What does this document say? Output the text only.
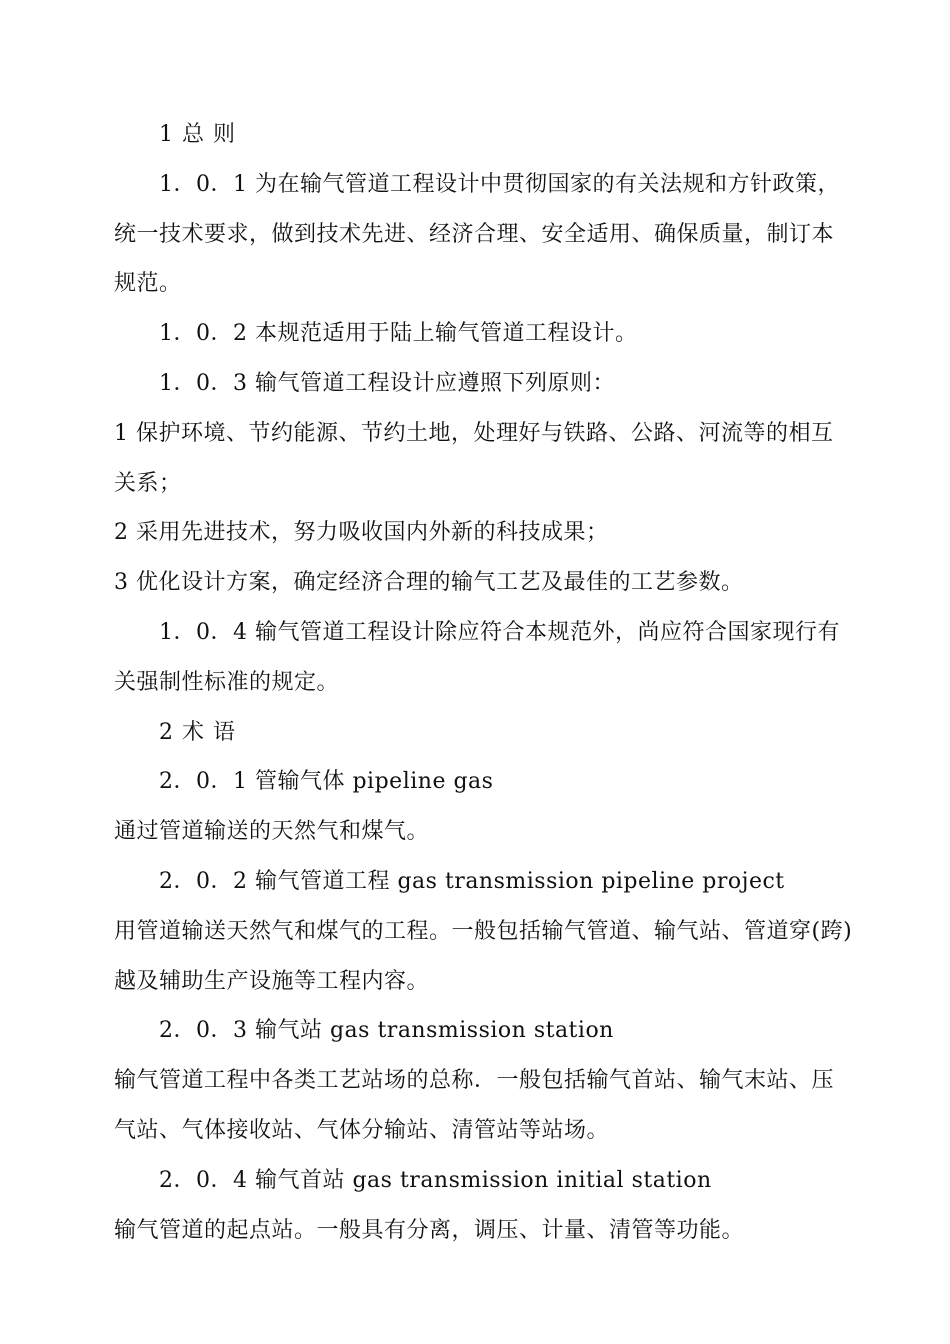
1 总 则
1．0．1 为在输气管道工程设计中贯彻国家的有关法规和方针政策，
统一技术要求，做到技术先进、经济合理、安全适用、确保质量，制订本
规范。
1．0．2 本规范适用于陆上输气管道工程设计。
1．0．3 输气管道工程设计应遵照下列原则：
1 保护环境、节约能源、节约土地，处理好与铁路、公路、河流等的相互
关系；
2 采用先进技术，努力吸收国内外新的科技成果；
3 优化设计方案，确定经济合理的输气工艺及最佳的工艺参数。
1．0．4 输气管道工程设计除应符合本规范外，尚应符合国家现行有
关强制性标准的规定。
2 术 语
2．0．1 管输气体 pipeline gas
通过管道输送的天然气和煤气。
2．0．2 输气管道工程 gas transmission pipeline project
用管道输送天然气和煤气的工程。一般包括输气管道、输气站、管道穿(跨)
越及辅助生产设施等工程内容。
2．0．3 输气站 gas transmission station
输气管道工程中各类工艺站场的总称．一般包括输气首站、输气末站、压
气站、气体接收站、气体分输站、清管站等站场。
2．0．4 输气首站 gas transmission initial station
输气管道的起点站。一般具有分离，调压、计量、清管等功能。
